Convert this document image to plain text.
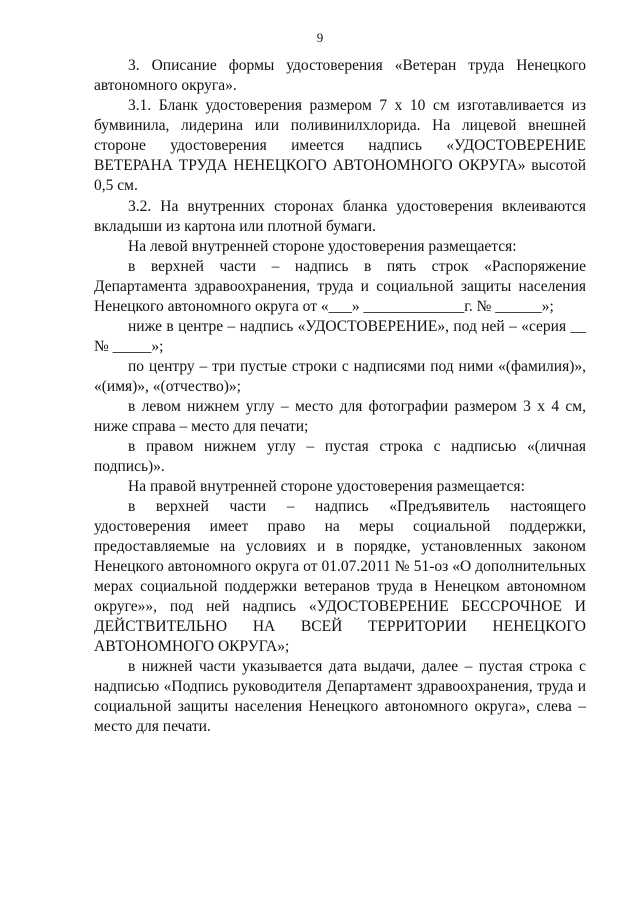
9

3. Описание формы удостоверения «Ветеран труда Ненецкого автономного округа».

3.1. Бланк удостоверения размером 7 х 10 см изготавливается из бумвинила, лидерина или поливинилхлорида. На лицевой внешней стороне удостоверения имеется надпись «УДОСТОВЕРЕНИЕ ВЕТЕРАНА ТРУДА НЕНЕЦКОГО АВТОНОМНОГО ОКРУГА» высотой 0,5 см.

3.2. На внутренних сторонах бланка удостоверения вклеиваются вкладыши из картона или плотной бумаги.

На левой внутренней стороне удостоверения размещается:

в верхней части – надпись в пять строк «Распоряжение Департамента здравоохранения, труда и социальной защиты населения Ненецкого автономного округа от «___» _____________г. № ______»;

ниже в центре – надпись «УДОСТОВЕРЕНИЕ», под ней – «серия __ № _____»;

по центру – три пустые строки с надписями под ними «(фамилия)», «(имя)», «(отчество)»;

в левом нижнем углу – место для фотографии размером 3 х 4 см, ниже справа – место для печати;

в правом нижнем углу – пустая строка с надписью «(личная подпись)».

На правой внутренней стороне удостоверения размещается:

в верхней части – надпись «Предъявитель настоящего удостоверения имеет право на меры социальной поддержки, предоставляемые на условиях и в порядке, установленных законом Ненецкого автономного округа от 01.07.2011 № 51-оз «О дополнительных мерах социальной поддержки ветеранов труда в Ненецком автономном округе»», под ней надпись «УДОСТОВЕРЕНИЕ БЕССРОЧНОЕ И ДЕЙСТВИТЕЛЬНО НА ВСЕЙ ТЕРРИТОРИИ НЕНЕЦКОГО АВТОНОМНОГО ОКРУГА»;

в нижней части указывается дата выдачи, далее – пустая строка с надписью «Подпись руководителя Департамент здравоохранения, труда и социальной защиты населения Ненецкого автономного округа», слева – место для печати.
